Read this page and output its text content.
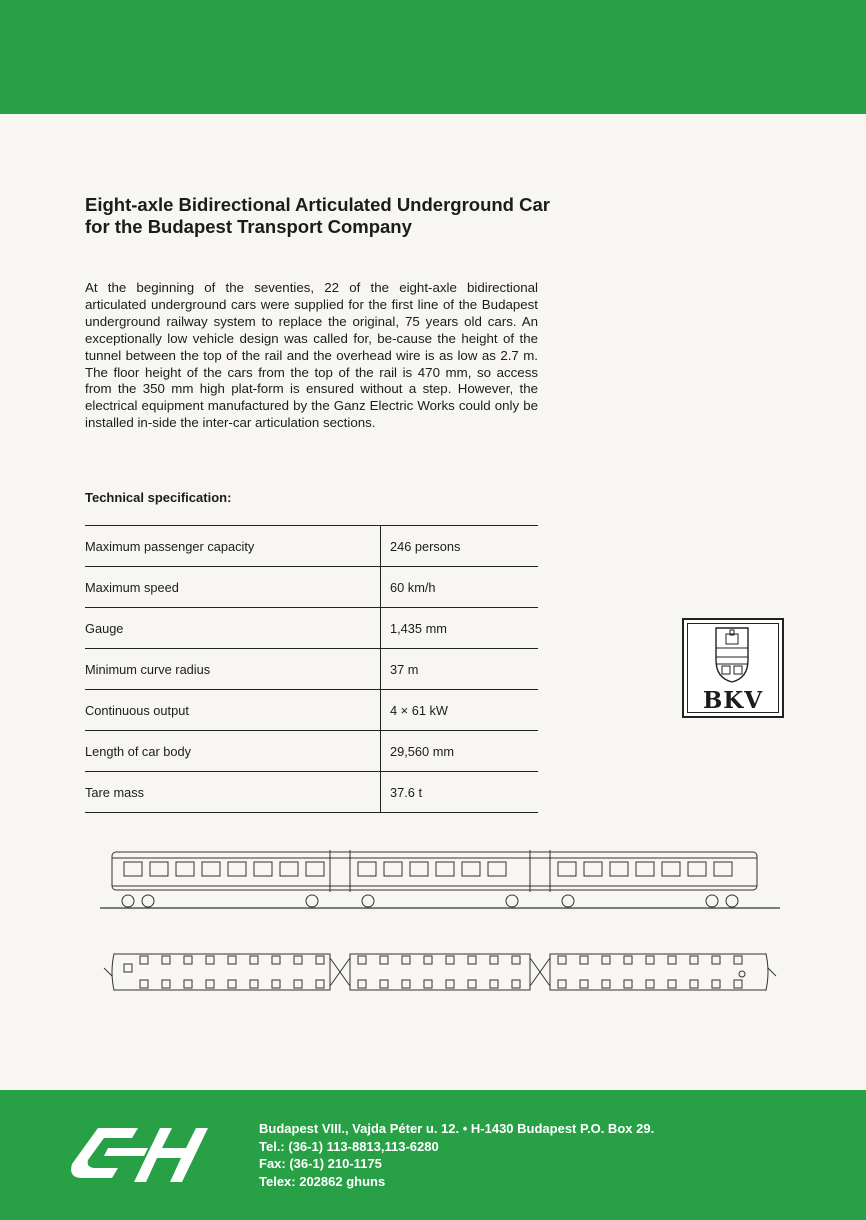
Eight-axle Bidirectional Articulated Underground Car
for the Budapest Transport Company

At the beginning of the seventies, 22 of the eight-axle bidirectional articulated underground cars were supplied for the first line of the Budapest underground railway system to replace the original, 75 years old cars. An exceptionally low vehicle design was called for, be-cause the height of the tunnel between the top of the rail and the overhead wire is as low as 2.7 m. The floor height of the cars from the top of the rail is 470 mm, so access from the 350 mm high plat-form is ensured without a step. However, the electrical equipment manufactured by the Ganz Electric Works could only be installed in-side the inter-car articulation sections.

Technical specification:
Maximum passenger capacity	246 persons
Maximum speed	60 km/h
Gauge	1,435 mm
Minimum curve radius	37 m
Continuous output	4 × 61 kW
Length of car body	29,560 mm
Tare mass	37.6 t
BKV
Budapest VIII., Vajda Péter u. 12. • H-1430 Budapest P.O. Box 29.
Tel.: (36-1) 113-8813,113-6280
Fax: (36-1) 210-1175
Telex: 202862 ghuns
